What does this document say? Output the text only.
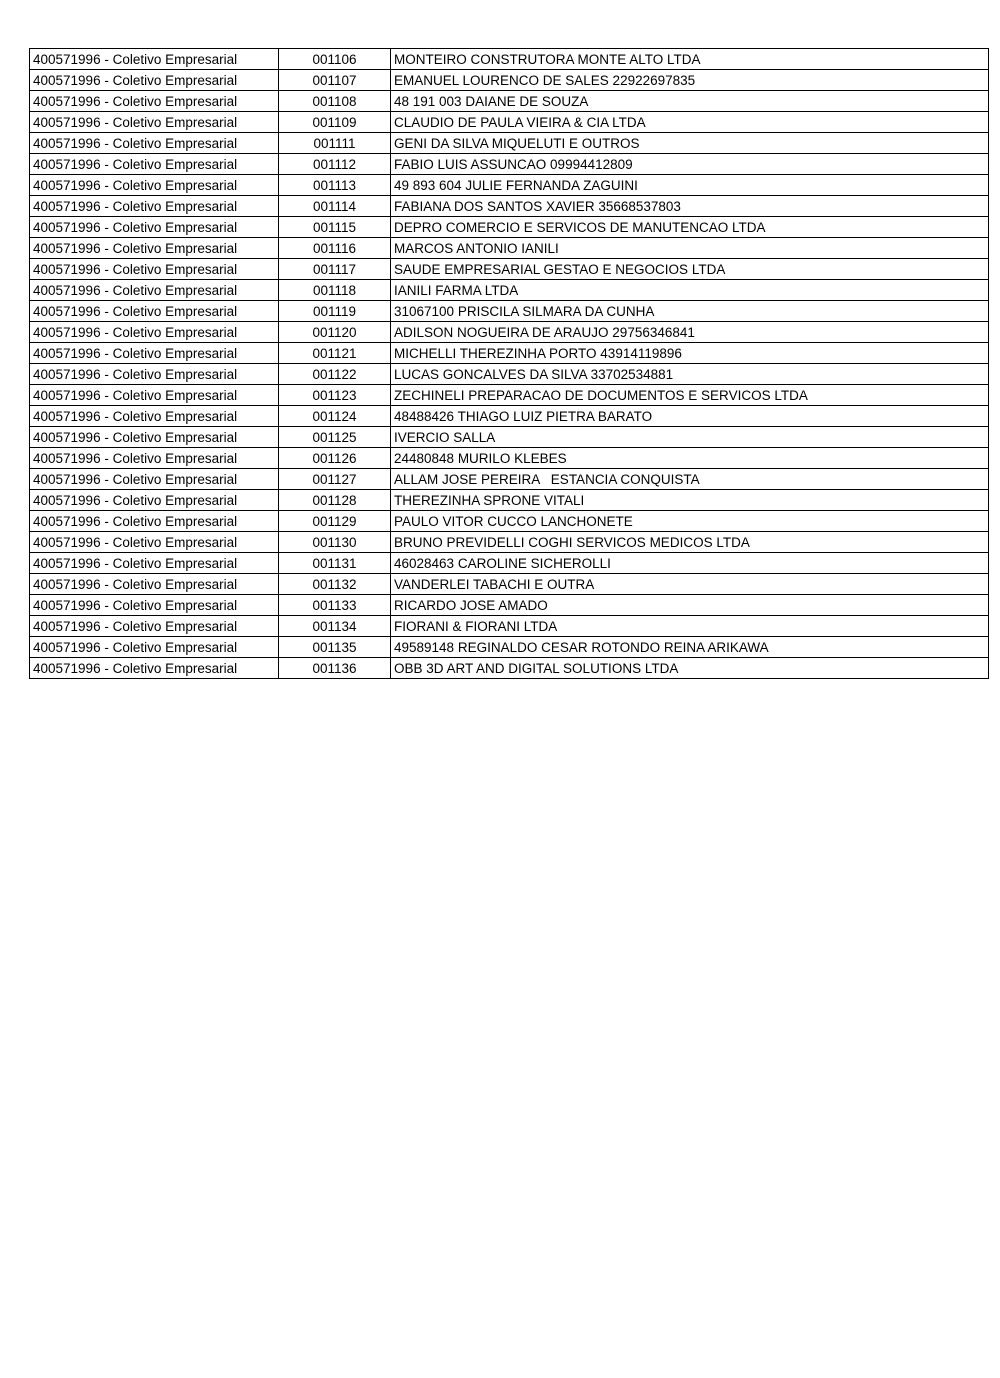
400571996 - Coletivo Empresarial	001106	MONTEIRO CONSTRUTORA MONTE ALTO LTDA
400571996 - Coletivo Empresarial	001107	EMANUEL LOURENCO DE SALES 22922697835
400571996 - Coletivo Empresarial	001108	48 191 003 DAIANE DE SOUZA
400571996 - Coletivo Empresarial	001109	CLAUDIO DE PAULA VIEIRA & CIA LTDA
400571996 - Coletivo Empresarial	001111	GENI DA SILVA MIQUELUTI E OUTROS
400571996 - Coletivo Empresarial	001112	FABIO LUIS ASSUNCAO 09994412809
400571996 - Coletivo Empresarial	001113	49 893 604 JULIE FERNANDA ZAGUINI
400571996 - Coletivo Empresarial	001114	FABIANA DOS SANTOS XAVIER 35668537803
400571996 - Coletivo Empresarial	001115	DEPRO COMERCIO E SERVICOS DE MANUTENCAO LTDA
400571996 - Coletivo Empresarial	001116	MARCOS ANTONIO IANILI
400571996 - Coletivo Empresarial	001117	SAUDE EMPRESARIAL GESTAO E NEGOCIOS LTDA
400571996 - Coletivo Empresarial	001118	IANILI FARMA LTDA
400571996 - Coletivo Empresarial	001119	31067100 PRISCILA SILMARA DA CUNHA
400571996 - Coletivo Empresarial	001120	ADILSON NOGUEIRA DE ARAUJO 29756346841
400571996 - Coletivo Empresarial	001121	MICHELLI THEREZINHA PORTO 43914119896
400571996 - Coletivo Empresarial	001122	LUCAS GONCALVES DA SILVA 33702534881
400571996 - Coletivo Empresarial	001123	ZECHINELI PREPARACAO DE DOCUMENTOS E SERVICOS LTDA
400571996 - Coletivo Empresarial	001124	48488426 THIAGO LUIZ PIETRA BARATO
400571996 - Coletivo Empresarial	001125	IVERCIO SALLA
400571996 - Coletivo Empresarial	001126	24480848 MURILO KLEBES
400571996 - Coletivo Empresarial	001127	ALLAM JOSE PEREIRA   ESTANCIA CONQUISTA
400571996 - Coletivo Empresarial	001128	THEREZINHA SPRONE VITALI
400571996 - Coletivo Empresarial	001129	PAULO VITOR CUCCO LANCHONETE
400571996 - Coletivo Empresarial	001130	BRUNO PREVIDELLI COGHI SERVICOS MEDICOS LTDA
400571996 - Coletivo Empresarial	001131	46028463 CAROLINE SICHEROLLI
400571996 - Coletivo Empresarial	001132	VANDERLEI TABACHI E OUTRA
400571996 - Coletivo Empresarial	001133	RICARDO JOSE AMADO
400571996 - Coletivo Empresarial	001134	FIORANI & FIORANI LTDA
400571996 - Coletivo Empresarial	001135	49589148 REGINALDO CESAR ROTONDO REINA ARIKAWA
400571996 - Coletivo Empresarial	001136	OBB 3D ART AND DIGITAL SOLUTIONS LTDA
